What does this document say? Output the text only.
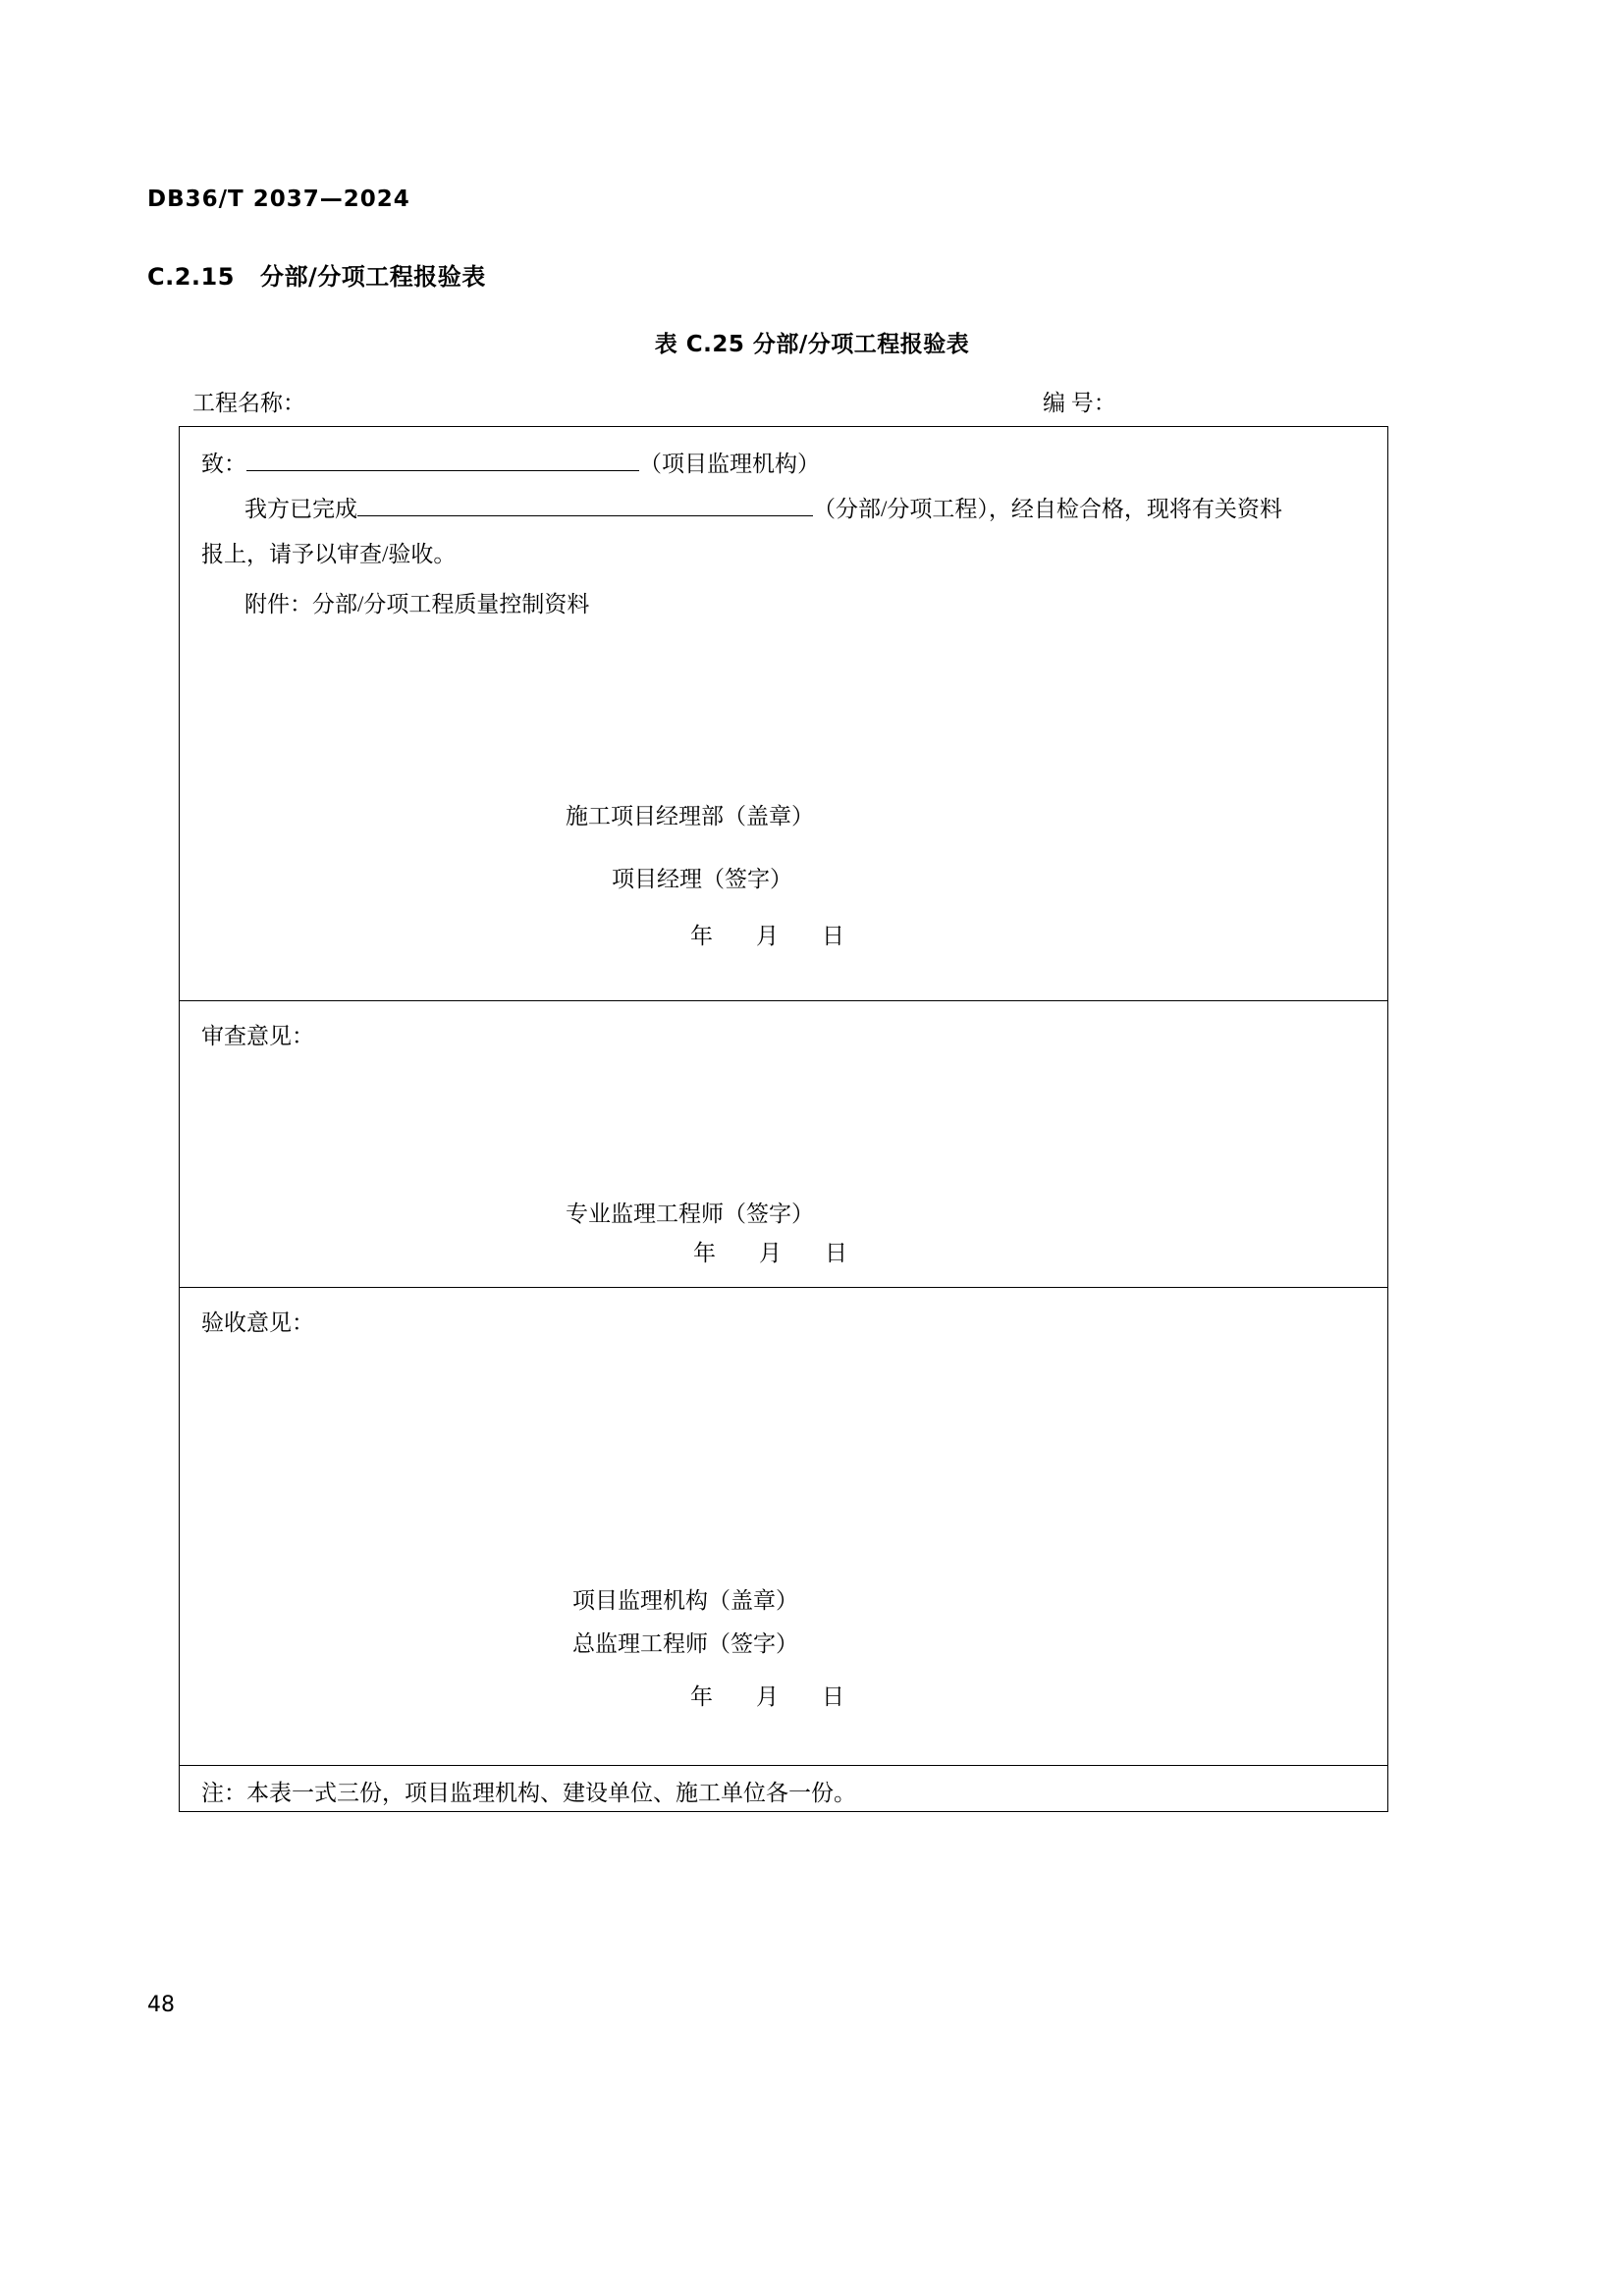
DB36/T 2037—2024
C.2.15 分部/分项工程报验表
表 C.25 分部/分项工程报验表
工程名称：	编 号：
致：	（项目监理机构）
我方已完成	（分部/分项工程），经自检合格，现将有关资料
报上，请予以审查/验收。
附件：分部/分项工程质量控制资料
施工项目经理部（盖章）
项目经理（签字）
年 月 日
审查意见：
专业监理工程师（签字）
年 月 日
验收意见：
项目监理机构（盖章）
总监理工程师（签字）
年 月 日
注：本表一式三份，项目监理机构、建设单位、施工单位各一份。
48
